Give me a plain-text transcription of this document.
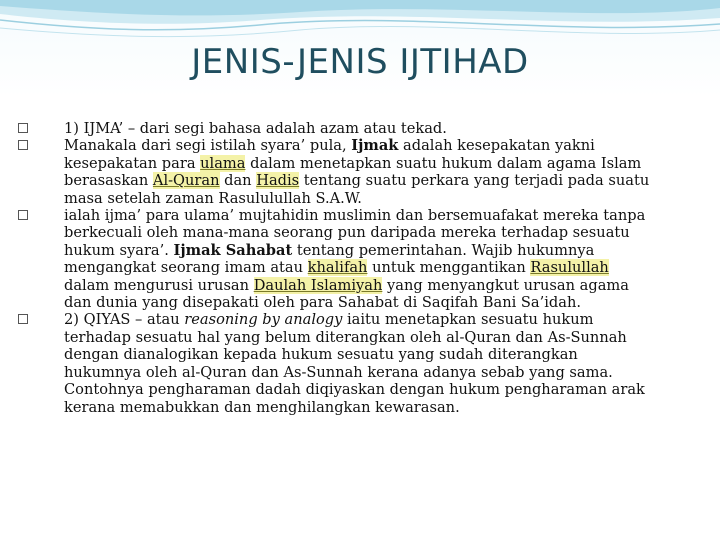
JENIS-JENIS IJTIHAD
1) IJMA’ – dari segi bahasa adalah azam atau tekad.
Manakala dari segi istilah syara’ pula, Ijmak adalah kesepakatan yakni
kesepakatan para ulama dalam menetapkan suatu hukum dalam agama Islam
berasaskan Al-Quran dan Hadis tentang suatu perkara yang terjadi pada suatu
masa setelah zaman Rasululullah S.A.W.
ialah ijma’ para ulama’ mujtahidin muslimin dan bersemuafakat mereka tanpa
berkecuali oleh mana-mana seorang pun daripada mereka terhadap sesuatu
hukum syara’. Ijmak Sahabat tentang pemerintahan. Wajib hukumnya
mengangkat seorang imam atau khalifah untuk menggantikan Rasulullah
dalam mengurusi urusan Daulah Islamiyah yang menyangkut urusan agama
dan dunia yang disepakati oleh para Sahabat di Saqifah Bani Sa’idah.
2) QIYAS – atau reasoning by analogy iaitu menetapkan sesuatu hukum
terhadap sesuatu hal yang belum diterangkan oleh al-Quran dan As-Sunnah
dengan dianalogikan kepada hukum sesuatu yang sudah diterangkan
hukumnya oleh al-Quran dan As-Sunnah kerana adanya sebab yang sama.
Contohnya pengharaman dadah diqiyaskan dengan hukum pengharaman arak
kerana memabukkan dan menghilangkan kewarasan.
